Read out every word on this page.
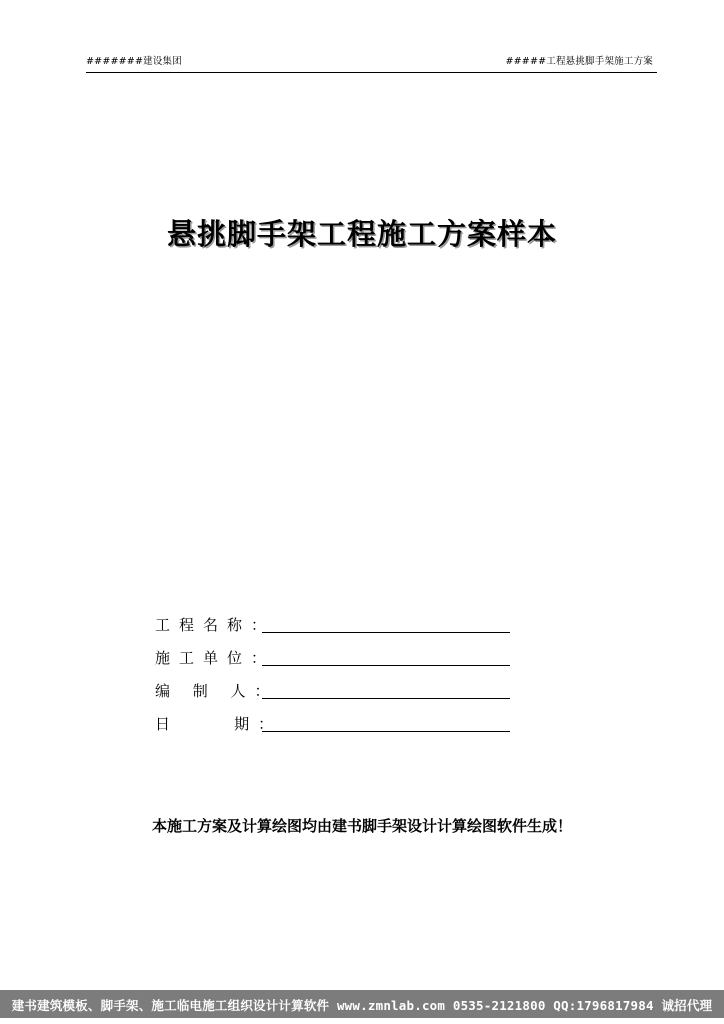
#######建设集团	#####工程悬挑脚手架施工方案
悬挑脚手架工程施工方案样本
工程名称：
施工单位：
编 制 人：
日    期：
本施工方案及计算绘图均由建书脚手架设计计算绘图软件生成！
建书建筑模板、脚手架、施工临电施工组织设计计算软件 www.zmnlab.com 0535-2121800 QQ:1796817984 诚招代理
